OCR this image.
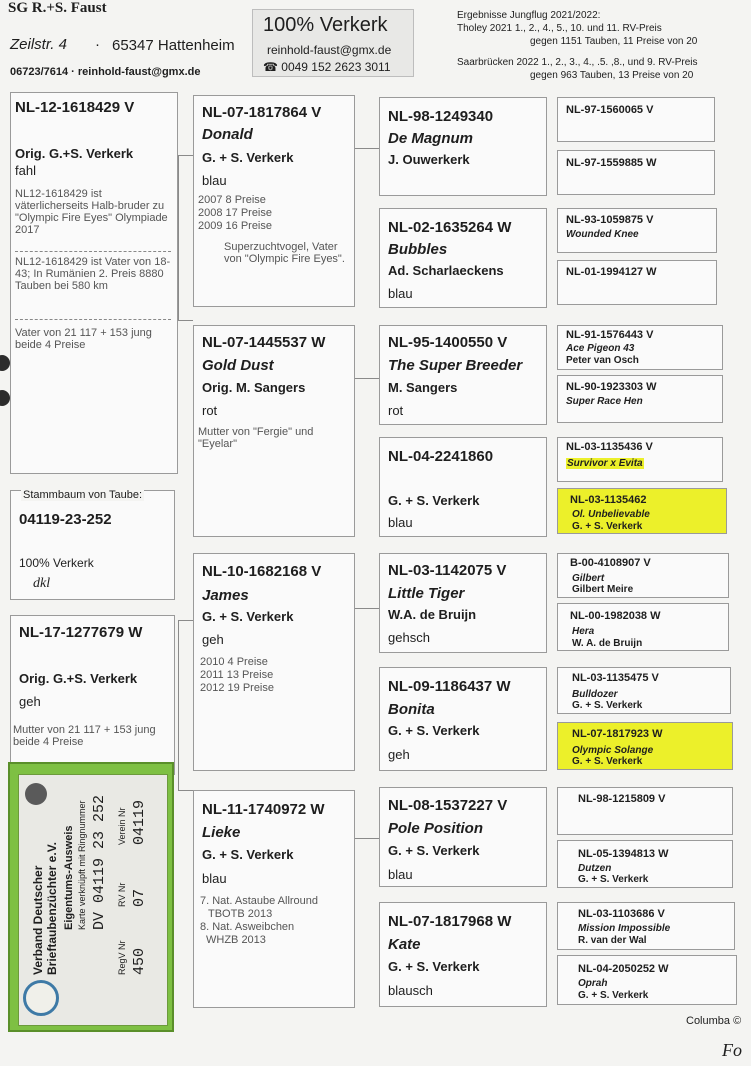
SG R.+S. Faust
Zeilstr. 4 · 65347 Hattenheim
06723/7614 · reinhold-faust@gmx.de
100% Verkerk
reinhold-faust@gmx.de
☎ 0049 152 2623 3011
Ergebnisse Jungflug 2021/2022:
Tholey 2021 1., 2., 4., 5., 10. und 11. RV-Preis
gegen 1151 Tauben, 11 Preise von 20
Saarbrücken 2022 1., 2., 3., 4., .5. ,8., und 9. RV-Preis
gegen 963 Tauben, 13 Preise von 20
NL-12-1618429 V
Orig. G.+S. Verkerk
fahl
NL12-1618429 ist väterlicherseits Halb-bruder zu "Olympic Fire Eyes" Olympiade 2017
NL12-1618429 ist Vater von 18-43; In Rumänien 2. Preis 8880 Tauben bei 580 km
Vater von 21 117 + 153 jung beide 4 Preise
Stammbaum von Taube:
04119-23-252
100% Verkerk
dkl
NL-17-1277679 W
Orig. G.+S. Verkerk
geh
Mutter von 21 117 + 153 jung beide 4 Preise
Verband Deutscher Brieftaubenzüchter e.V. Eigentums-Ausweis Karte verknüpft mit Ringnummer DV 04119 23 252
RegV Nr
RV Nr
Verein Nr
450
07
04119
NL-07-1817864 V
Donald
G. + S. Verkerk
blau
2007 8 Preise
2008 17 Preise
2009 16 Preise
Superzuchtvogel, Vater von "Olympic Fire Eyes".
NL-07-1445537 W
Gold Dust
Orig. M. Sangers
rot
Mutter von "Fergie" und "Eyelar"
NL-10-1682168 V
James
G. + S. Verkerk
geh
2010 4 Preise
2011 13 Preise
2012 19 Preise
NL-11-1740972 W
Lieke
G. + S. Verkerk
blau
7. Nat. Astaube Allround
TBOTB 2013
8. Nat. Asweibchen
WHZB 2013
NL-98-1249340
De Magnum
J. Ouwerkerk
NL-02-1635264 W
Bubbles
Ad. Scharlaeckens
blau
NL-95-1400550 V
The Super Breeder
M. Sangers
rot
NL-04-2241860
G. + S. Verkerk
blau
NL-03-1142075 V
Little Tiger
W.A. de Bruijn
gehsch
NL-09-1186437 W
Bonita
G. + S. Verkerk
geh
NL-08-1537227 V
Pole Position
G. + S. Verkerk
blau
NL-07-1817968 W
Kate
G. + S. Verkerk
blausch
NL-97-1560065 V
NL-97-1559885 W
NL-93-1059875 V
Wounded Knee
NL-01-1994127 W
NL-91-1576443 V
Ace Pigeon 43
Peter van Osch
NL-90-1923303 W
Super Race Hen
NL-03-1135436 V
Survivor x Evita
NL-03-1135462
Ol. Unbelievable
G. + S. Verkerk
B-00-4108907 V
Gilbert
Gilbert Meire
NL-00-1982038 W
Hera
W. A. de Bruijn
NL-03-1135475 V
Bulldozer
G. + S. Verkerk
NL-07-1817923 W
Olympic Solange
G. + S. Verkerk
NL-98-1215809 V
NL-05-1394813 W
Dutzen
G. + S. Verkerk
NL-03-1103686 V
Mission Impossible
R. van der Wal
NL-04-2050252 W
Oprah
G. + S. Verkerk
Columba ©
Fo
